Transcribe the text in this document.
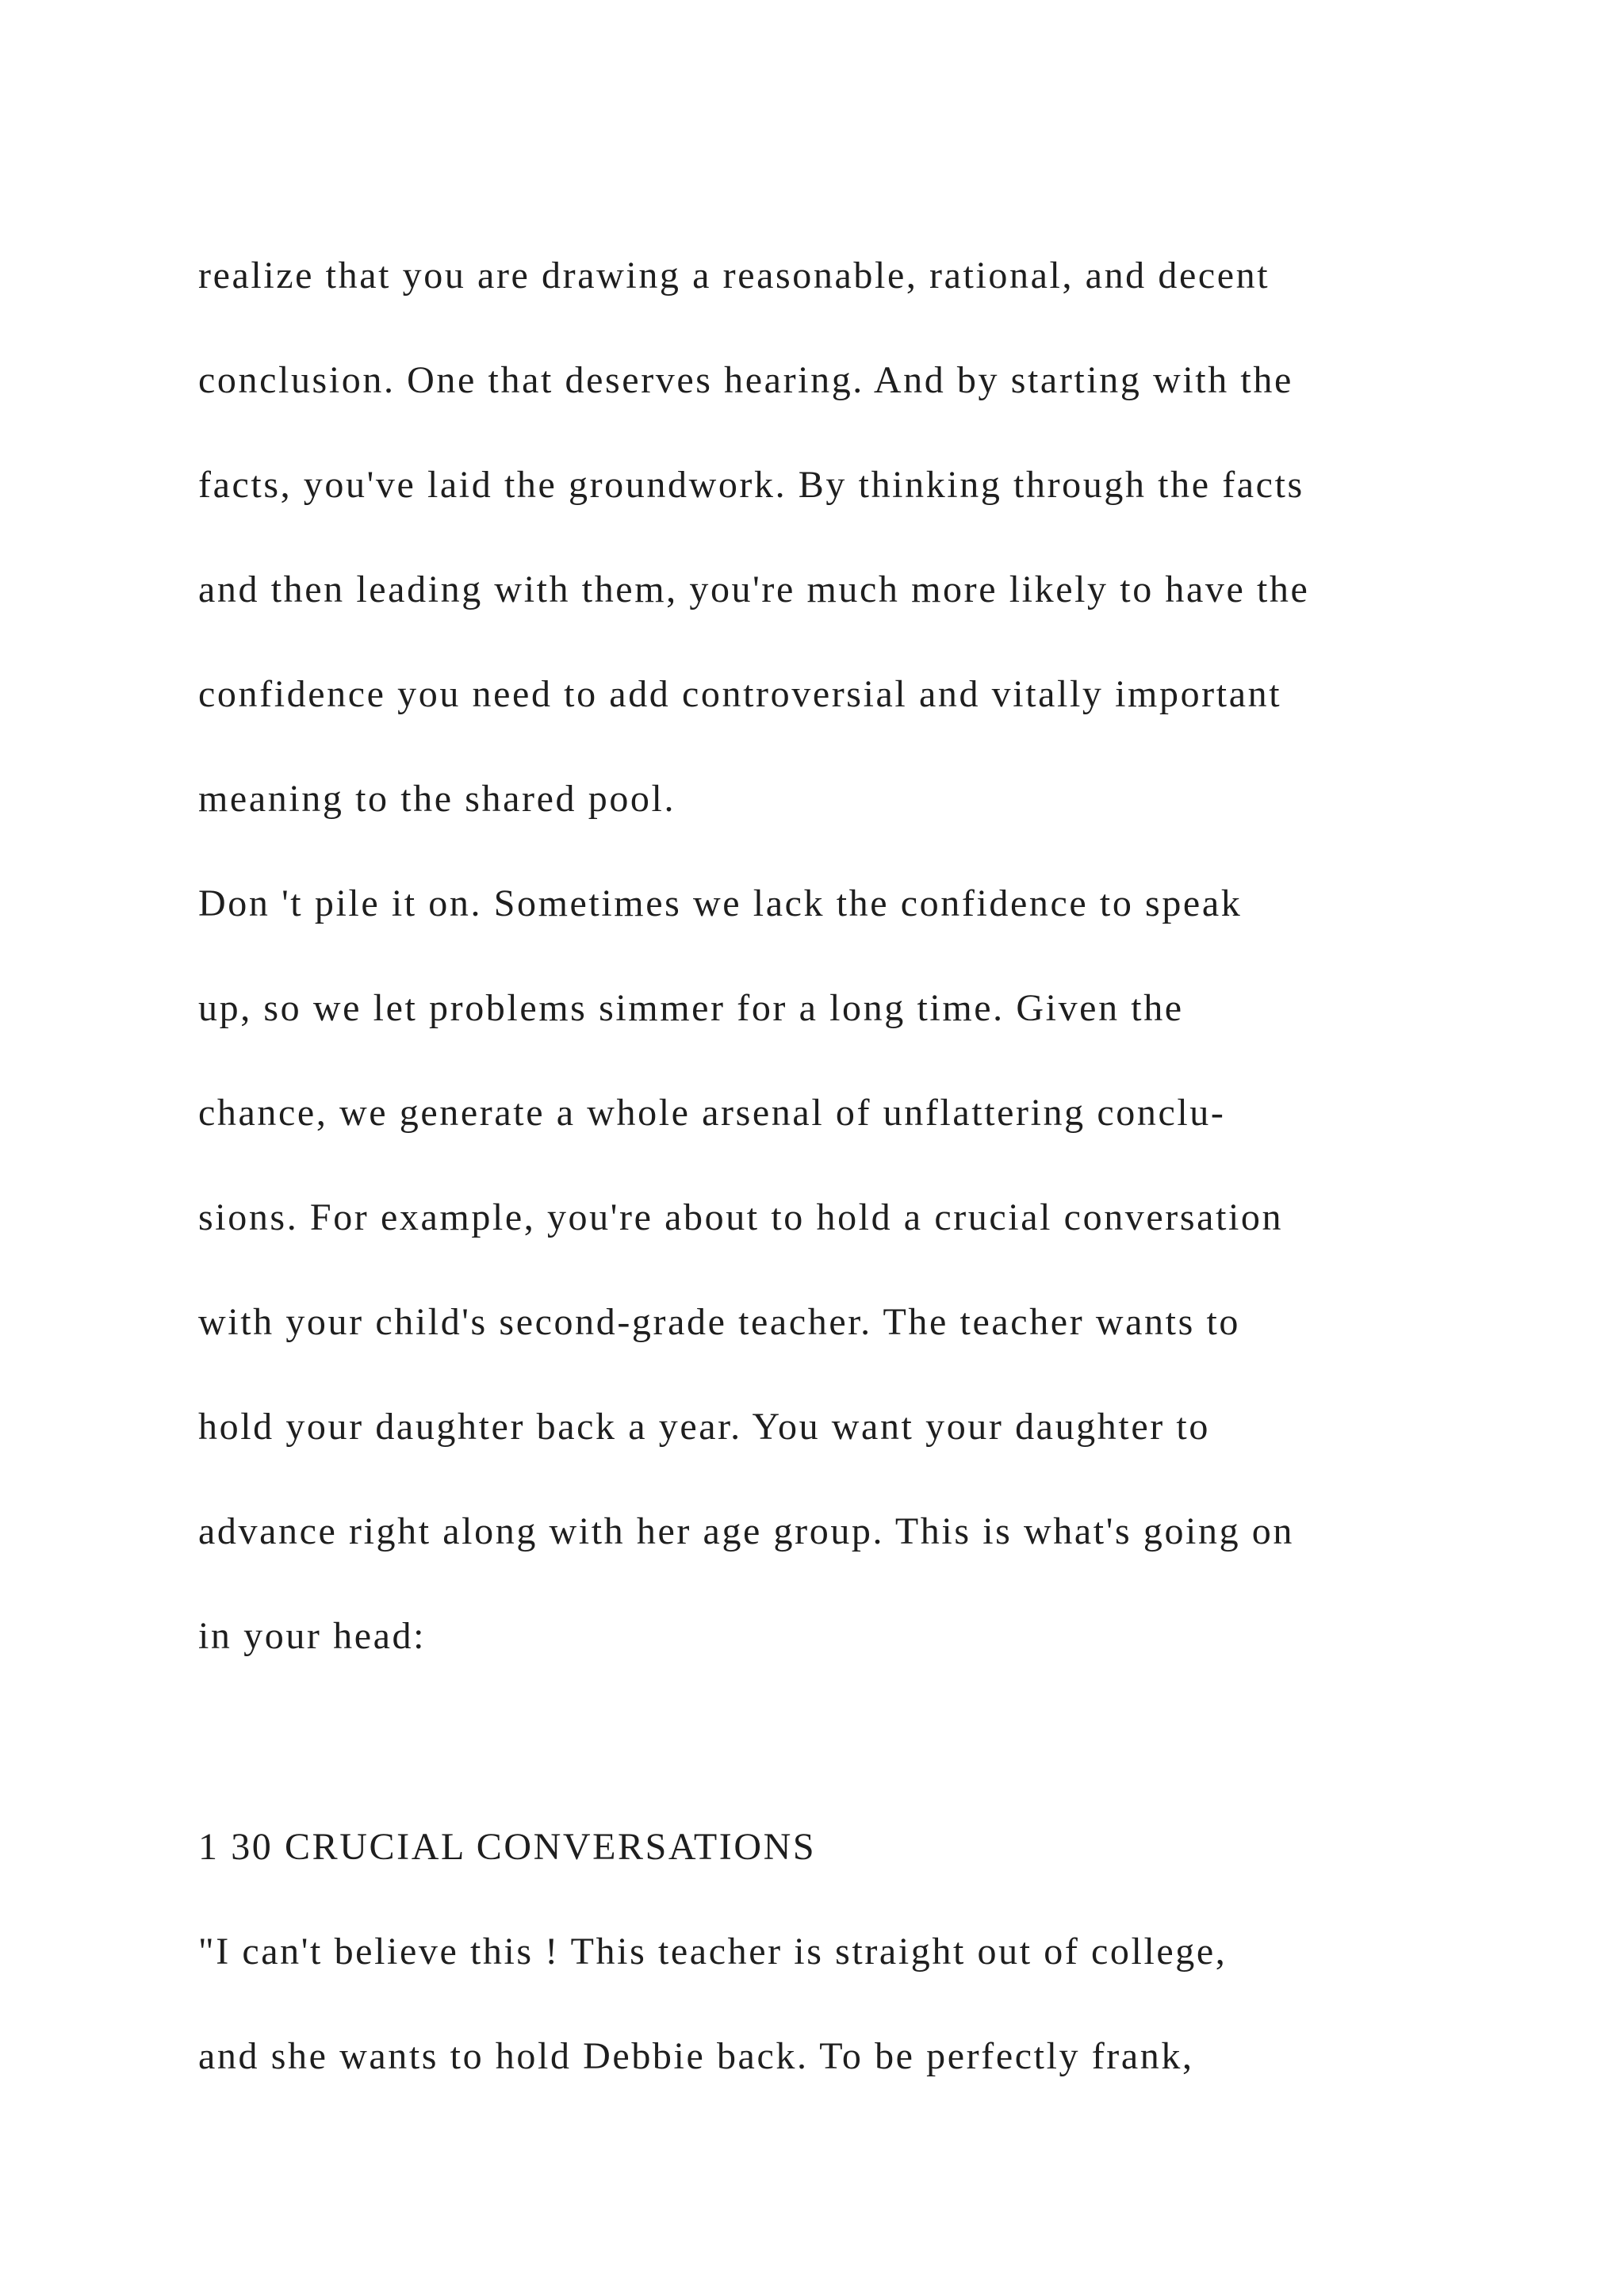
realize that you are drawing a reasonable, rational, and decent
conclusion. One that deserves hearing. And by starting with the
facts, you've laid the groundwork. By thinking through the facts
and then leading with them, you're much more likely to have the
confidence you need to add controversial and vitally important
meaning to the shared pool.
Don 't pile it on. Sometimes we lack the confidence to speak
up, so we let problems simmer for a long time. Given the
chance, we generate a whole arsenal of unflattering conclu-
sions. For example, you're about to hold a crucial conversation
with your child's second-grade teacher. The teacher wants to
hold your daughter back a year. You want your daughter to
advance right along with her age group. This is what's going on
in your head:
1 30 CRUCIAL CONVERSATIONS
"I can't believe this ! This teacher is straight out of college,
and she wants to hold Debbie back. To be perfectly frank,
